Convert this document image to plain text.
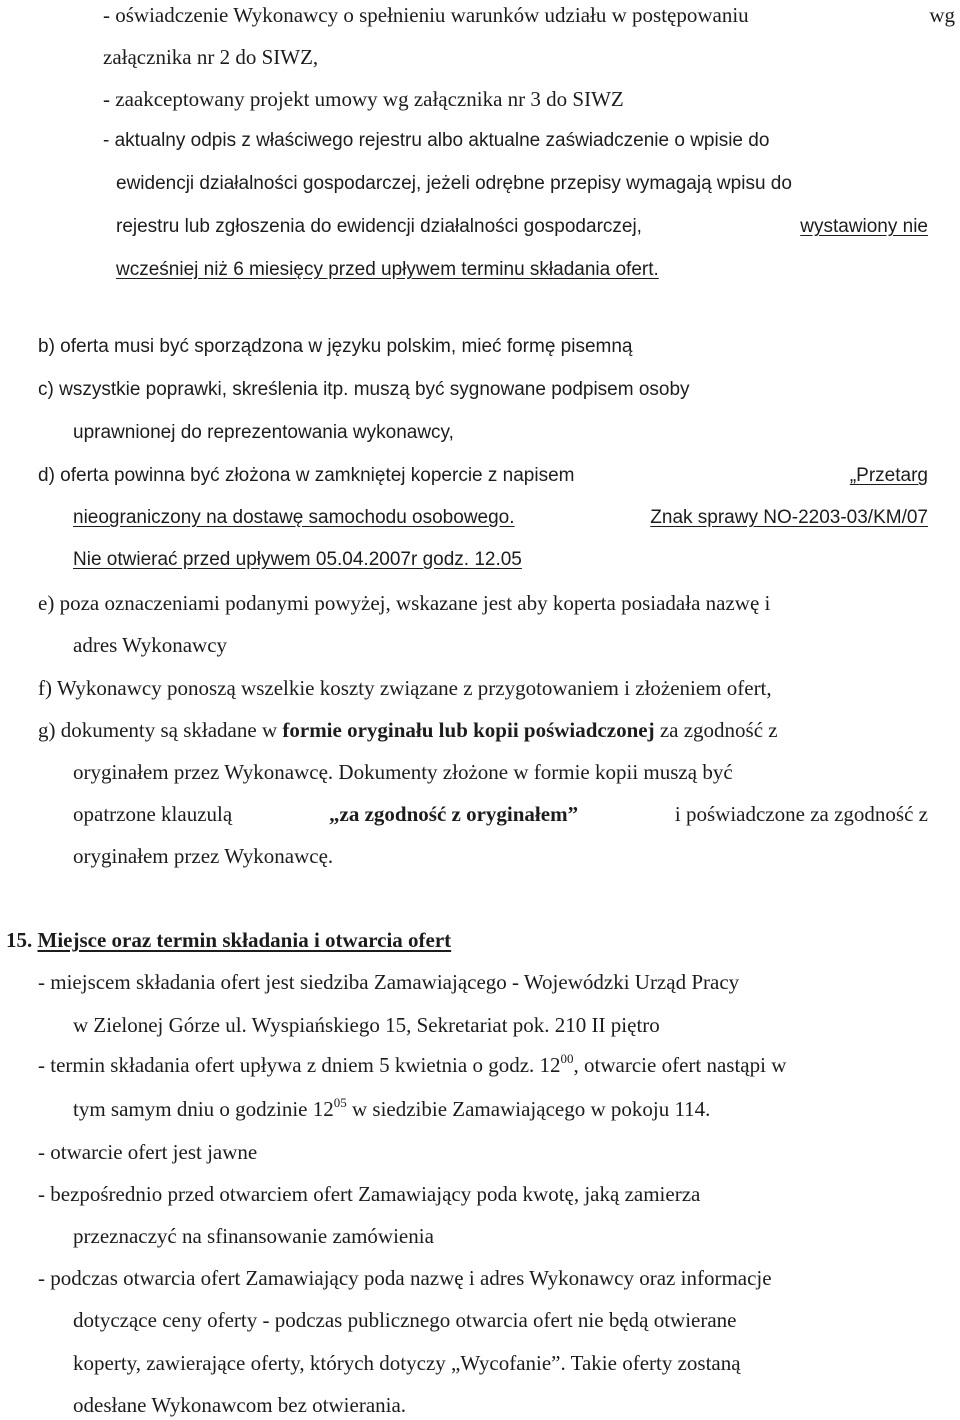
- oświadczenie Wykonawcy o spełnieniu warunków udziału w postępowaniu	wg
załącznika nr 2 do SIWZ,
- zaakceptowany projekt umowy wg załącznika nr 3 do SIWZ
- aktualny odpis z właściwego rejestru albo aktualne zaświadczenie o wpisie do
ewidencji działalności gospodarczej, jeżeli odrębne przepisy wymagają wpisu do
rejestru lub zgłoszenia do ewidencji działalności gospodarczej,	wystawiony nie
wcześniej niż 6 miesięcy przed upływem terminu składania ofert.
b) oferta musi być sporządzona w języku polskim, mieć formę pisemną
c) wszystkie poprawki, skreślenia itp. muszą być sygnowane podpisem osoby
uprawnionej do reprezentowania wykonawcy,
d) oferta powinna być złożona w zamkniętej kopercie z napisem	„Przetarg
nieograniczony na dostawę samochodu osobowego.	Znak sprawy NO-2203-03/KM/07
Nie otwierać przed upływem 05.04.2007r godz. 12.05
e) poza oznaczeniami podanymi powyżej, wskazane jest aby koperta posiadała nazwę i
adres Wykonawcy
f) Wykonawcy ponoszą wszelkie koszty związane z przygotowaniem i złożeniem ofert,
g) dokumenty są składane w formie oryginału lub kopii poświadczonej za zgodność z
oryginałem przez Wykonawcę. Dokumenty złożone w formie kopii muszą być
opatrzone klauzulą	„za zgodność z oryginałem”	i poświadczone za zgodność z
oryginałem przez Wykonawcę.
15. Miejsce oraz termin składania i otwarcia ofert
- miejscem składania ofert jest siedziba Zamawiającego - Wojewódzki Urząd Pracy
w Zielonej Górze ul. Wyspiańskiego 15, Sekretariat pok. 210 II piętro
- termin składania ofert upływa z dniem 5 kwietnia o godz. $12^{00}$, otwarcie ofert nastąpi w
tym samym dniu o godzinie $12^{05}$ w siedzibie Zamawiającego w pokoju 114.
- otwarcie ofert jest jawne
- bezpośrednio przed otwarciem ofert Zamawiający poda kwotę, jaką zamierza
przeznaczyć na sfinansowanie zamówienia
- podczas otwarcia ofert Zamawiający poda nazwę i adres Wykonawcy oraz informacje
dotyczące ceny oferty - podczas publicznego otwarcia ofert nie będą otwierane
koperty, zawierające oferty, których dotyczy „Wycofanie”. Takie oferty zostaną
odesłane Wykonawcom bez otwierania.
